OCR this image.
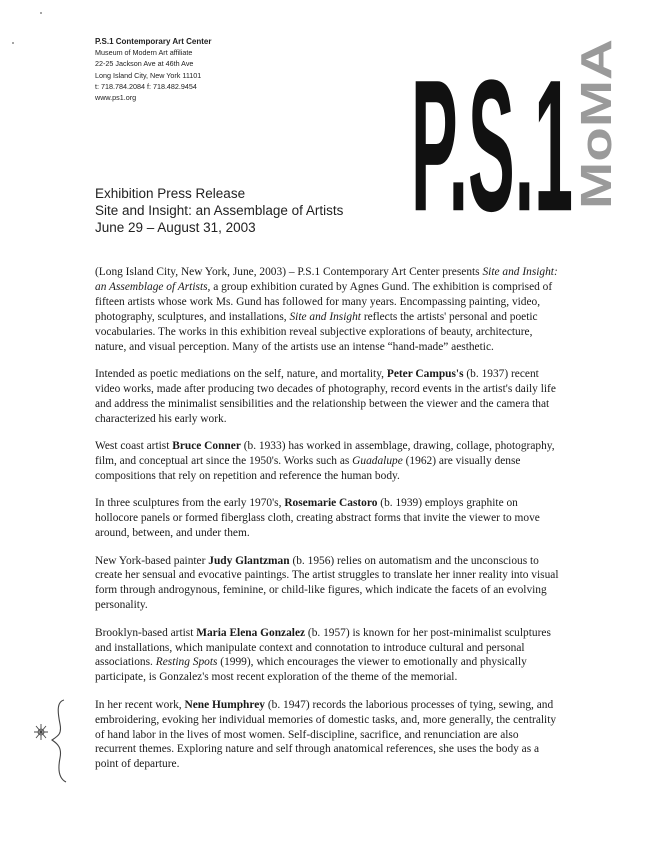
P.S.1 Contemporary Art Center
Museum of Modern Art affiliate
22-25 Jackson Ave at 46th Ave
Long Island City, New York 11101
t: 718.784.2084 f: 718.482.9454
www.ps1.org	P.S.1 MoMA
Exhibition Press Release
Site and Insight: an Assemblage of Artists
June 29 – August 31, 2003

(Long Island City, New York, June, 2003) – P.S.1 Contemporary Art Center presents Site and Insight: an Assemblage of Artists, a group exhibition curated by Agnes Gund. The exhibition is comprised of fifteen artists whose work Ms. Gund has followed for many years. Encompassing painting, video, photography, sculptures, and installations, Site and Insight reflects the artists' personal and poetic vocabularies. The works in this exhibition reveal subjective explorations of beauty, architecture, nature, and visual perception. Many of the artists use an intense “hand-made” aesthetic.

Intended as poetic mediations on the self, nature, and mortality, Peter Campus's (b. 1937) recent video works, made after producing two decades of photography, record events in the artist's daily life and address the minimalist sensibilities and the relationship between the viewer and the camera that characterized his early work.

West coast artist Bruce Conner (b. 1933) has worked in assemblage, drawing, collage, photography, film, and conceptual art since the 1950's. Works such as Guadalupe (1962) are visually dense compositions that rely on repetition and reference the human body.

In three sculptures from the early 1970's, Rosemarie Castoro (b. 1939) employs graphite on hollocore panels or formed fiberglass cloth, creating abstract forms that invite the viewer to move around, between, and under them.

New York-based painter Judy Glantzman (b. 1956) relies on automatism and the unconscious to create her sensual and evocative paintings. The artist struggles to translate her inner reality into visual form through androgynous, feminine, or child-like figures, which indicate the facets of an evolving personality.

Brooklyn-based artist Maria Elena Gonzalez (b. 1957) is known for her post-minimalist sculptures and installations, which manipulate context and connotation to introduce cultural and personal associations. Resting Spots (1999), which encourages the viewer to emotionally and physically participate, is Gonzalez's most recent exploration of the theme of the memorial.

In her recent work, Nene Humphrey (b. 1947) records the laborious processes of tying, sewing, and embroidering, evoking her individual memories of domestic tasks, and, more generally, the centrality of hand labor in the lives of most women. Self-discipline, sacrifice, and renunciation are also recurrent themes. Exploring nature and self through anatomical references, she uses the body as a point of departure.
